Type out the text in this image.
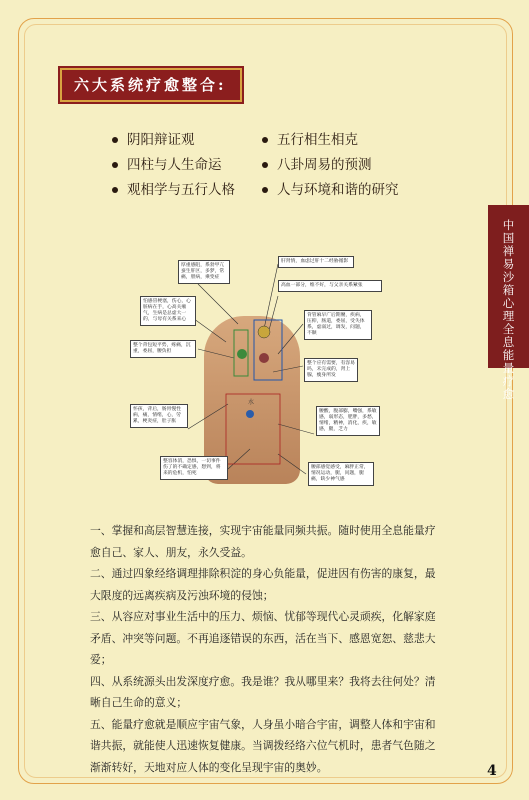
六大系统疗愈整合:
阴阳辩证观	五行相生相克
四柱与人生命运	八卦周易的预测
观相学与五行人格	人与环境和谐的研究
中国禅易沙箱心理全息能量疗愈
水
厚重感阻，系勃甲亢蚕生肝区，多梦，常痛，胆病，乘变症
肝肾情，血虑过肝十二经胁循影
高血一部分，维不好，与父亲关系紧张
怕感冒梗塞，伤心，心脏病在手，心高关瘤气，生病是总虚大一的，与母有关系来心
背管麻早广后期腰，疾病，压抑，肠道，委屈，受失体系，虚弱过，调发，问题，不顺
整个背包短平势，疼痛，沉重，委屈，腰负担
整个应有需要，有容易吗，未完成的，肾上腺，瘦身所发
怀孩，背后，肠胃慢性病，痛，情绪，心，劳累，梗炎症，肚子胀
腰酸，腹部膨，嘴强，系敏感，弱形态，肥胖，多愁，情绪，精神，消化，疾，敏感，腿，乏力
整容体消，恐惧，一切事件伤了的不确定感，想到，将来的危机，怕死
腰部感觉感受，麻胖正常，情况运动，腿，问题，腿痛，缺少神气感

一、掌握和高层智慧连接，实现宇宙能量同频共振。随时使用全息能量疗愈自己、家人、朋友，永久受益。

二、通过四象经络调理排除积淀的身心负能量，促进因有伤害的康复，最大限度的远离疾病及污浊环境的侵蚀；

三、从容应对事业生活中的压力、烦恼、忧郁等现代心灵顽疾，化解家庭矛盾、冲突等问题。不再追逐错误的东西，活在当下、感恩宽恕、慈悲大爱；

四、从系统源头出发深度疗愈。我是谁？我从哪里来？我将去往何处？清晰自己生命的意义；

五、能量疗愈就是顺应宇宙气象，人身虽小暗合宇宙，调整人体和宇宙和谐共振，就能使人迅速恢复健康。当调拨经络六位气机时，患者气色随之渐渐转好，天地对应人体的变化呈现宇宙的奥妙。	4
